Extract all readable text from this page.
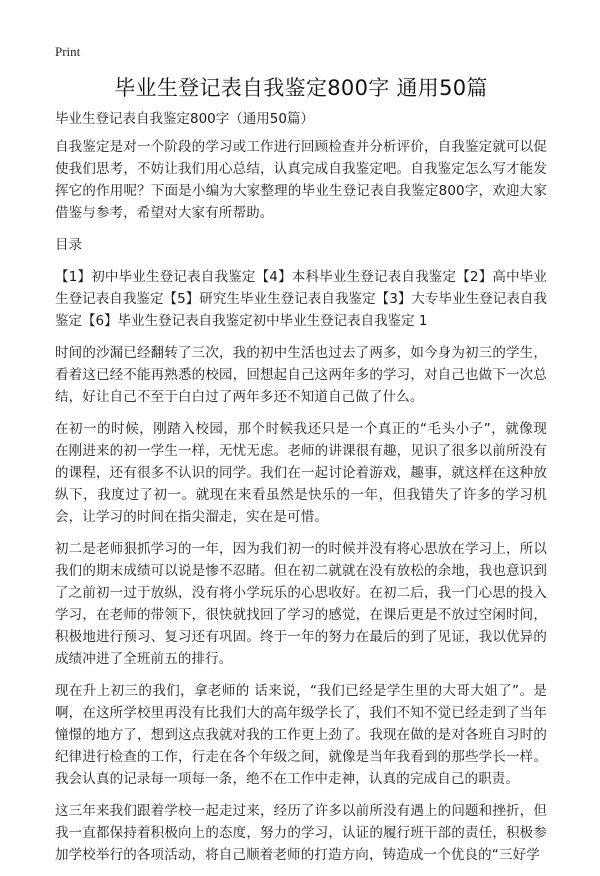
Print
毕业生登记表自我鉴定800字 通用50篇
毕业生登记表自我鉴定800字（通用50篇）

自我鉴定是对一个阶段的学习或工作进行回顾检查并分析评价，自我鉴定就可以促使我们思考，不妨让我们用心总结，认真完成自我鉴定吧。自我鉴定怎么写才能发挥它的作用呢？下面是小编为大家整理的毕业生登记表自我鉴定800字，欢迎大家借鉴与参考，希望对大家有所帮助。

目录
【1】初中毕业生登记表自我鉴定【4】本科毕业生登记表自我鉴定【2】高中毕业生登记表自我鉴定【5】研究生毕业生登记表自我鉴定【3】大专毕业生登记表自我鉴定【6】毕业生登记表自我鉴定初中毕业生登记表自我鉴定 1

时间的沙漏已经翻转了三次，我的初中生活也过去了两多，如今身为初三的学生，看着这已经不能再熟悉的校园，回想起自己这两年多的学习，对自己也做下一次总结，好让自己不至于白白过了两年多还不知道自己做了什么。

在初一的时候，刚踏入校园，那个时候我还只是一个真正的“毛头小子”，就像现在刚进来的初一学生一样，无忧无虑。老师的讲课很有趣，见识了很多以前所没有的课程，还有很多不认识的同学。我们在一起讨论着游戏，趣事，就这样在这种放纵下，我度过了初一。就现在来看虽然是快乐的一年，但我错失了许多的学习机会，让学习的时间在指尖溜走，实在是可惜。

初二是老师狠抓学习的一年，因为我们初一的时候并没有将心思放在学习上，所以我们的期末成绩可以说是惨不忍睹。但在初二就就在没有放松的余地，我也意识到了之前初一过于放纵，没有将小学玩乐的心思收好。在初二后，我一门心思的投入学习，在老师的带领下，很快就找回了学习的感觉，在课后更是不放过空闲时间，积极地进行预习、复习还有巩固。终于一年的努力在最后的到了见证，我以优异的成绩冲进了全班前五的排行。

现在升上初三的我们，拿老师的 话来说，“我们已经是学生里的大哥大姐了”。是啊，在这所学校里再没有比我们大的高年级学长了，我们不知不觉已经走到了当年憧憬的地方了，想到这点我就对我的工作更上劲了。我现在做的是对各班自习时的纪律进行检查的工作，行走在各个年级之间，就像是当年我看到的那些学长一样。我会认真的记录每一项每一条，绝不在工作中走神，认真的完成自己的职责。

这三年来我们跟着学校一起走过来，经历了许多以前所没有遇上的问题和挫折，但我一直都保持着积极向上的态度，努力的学习，认证的履行班干部的责任，积极参加学校举行的各项活动，将自己顺着老师的打造方向，铸造成一个优良的“三好学
